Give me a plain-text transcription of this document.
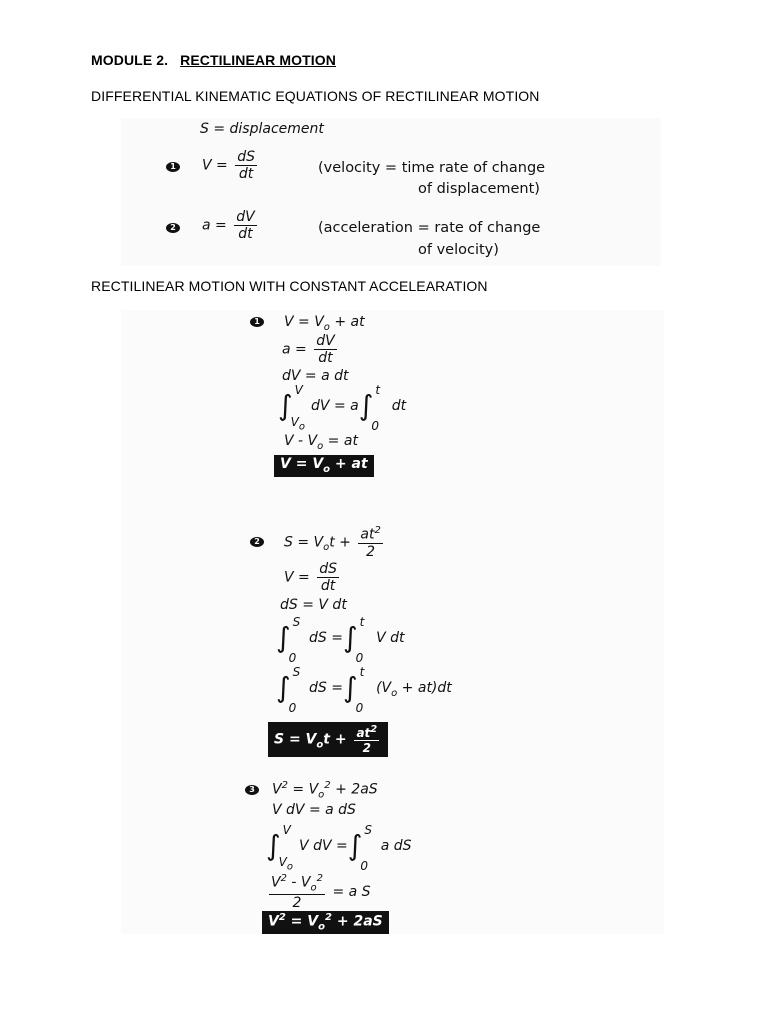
MODULE 2. RECTILINEAR MOTION
DIFFERENTIAL KINEMATIC EQUATIONS OF RECTILINEAR MOTION
RECTILINEAR MOTION WITH CONSTANT ACCELEARATION
S = displacement
1	$V = \frac{dS}{dt}$	(velocity = time rate of change
of displacement)
2	$a = \frac{dV}{dt}$	(acceleration = rate of change
of velocity)
1	$V = V_o$ + at
$a = \frac{dV}{dt}$
dV = a dt
∫ V
$V_o$
dV = a∫ t
0
dt
V - $V_o$ = at
$V = V_o$ + at
2	$S = V_ot + \frac{at^2}{2}$
$V = \frac{dS}{dt}$
dS = V dt
∫ S
0
dS =∫ t
0
V dt
∫ S
0
dS =∫ t
0
$(V_o + at)dt$
$S = V_ot + \frac{at^2}{2}$
3	$V^2 = V_o^2 + 2aS$
V dV = a dS
∫ V
$V_o$
V dV =∫ S
0
a dS
$\frac{V^2 - V_o^2}{2} = a$ S
$V^2 = V_o^2 + 2aS$
